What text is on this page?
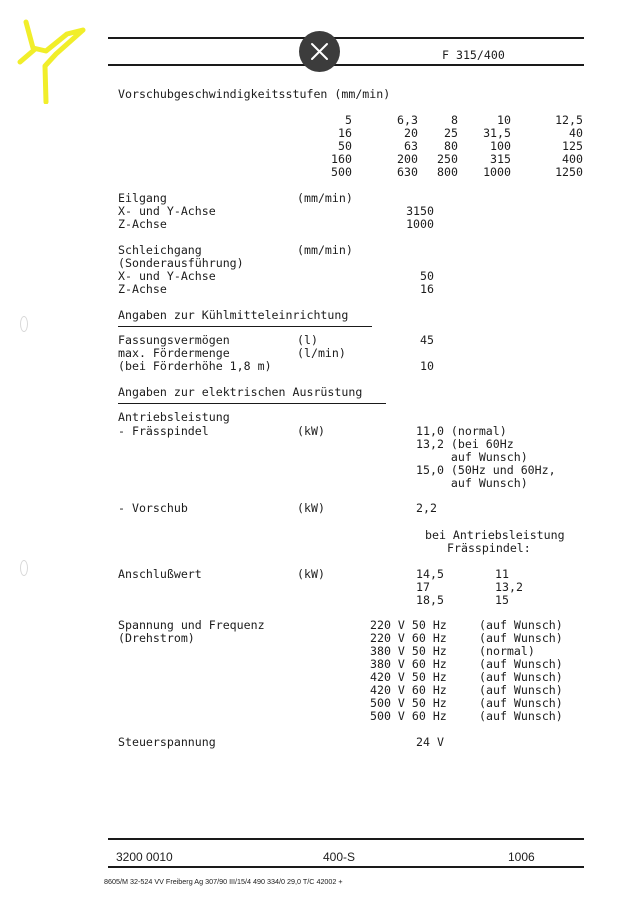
F 315/400
Vorschubgeschwindigkeitsstufen (mm/min)
5	6,3	8	10	12,5
16	20	25	31,5	40
50	63	80	100	125
160	200	250	315	400
500	630	800	1000	1250
Eilgang	(mm/min)
X- und Y-Achse	3150
Z-Achse	1000
Schleichgang	(mm/min)
(Sonderausführung)
X- und Y-Achse	50
Z-Achse	16
Angaben zur Kühlmitteleinrichtung
Fassungsvermögen	(l)	45
max. Fördermenge	(l/min)
(bei Förderhöhe 1,8 m)	10
Angaben zur elektrischen Ausrüstung
Antriebsleistung
- Frässpindel	(kW)	11,0 (normal)
13,2 (bei 60Hz
auf Wunsch)
15,0 (50Hz und 60Hz,
auf Wunsch)
- Vorschub	(kW)	2,2
bei Antriebsleistung
Frässpindel:
Anschlußwert	(kW)	14,5	11
17	13,2
18,5	15
Spannung und Frequenz
(Drehstrom)
220 V 50 Hz	(auf Wunsch)
220 V 60 Hz	(auf Wunsch)
380 V 50 Hz	(normal)
380 V 60 Hz	(auf Wunsch)
420 V 50 Hz	(auf Wunsch)
420 V 60 Hz	(auf Wunsch)
500 V 50 Hz	(auf Wunsch)
500 V 60 Hz	(auf Wunsch)
Steuerspannung	24 V
3200 0010	400-S	1006
8605/M 32-524 VV Freiberg Ag 307/90 III/15/4 490 334/0 29,0 T/C 42002 +
